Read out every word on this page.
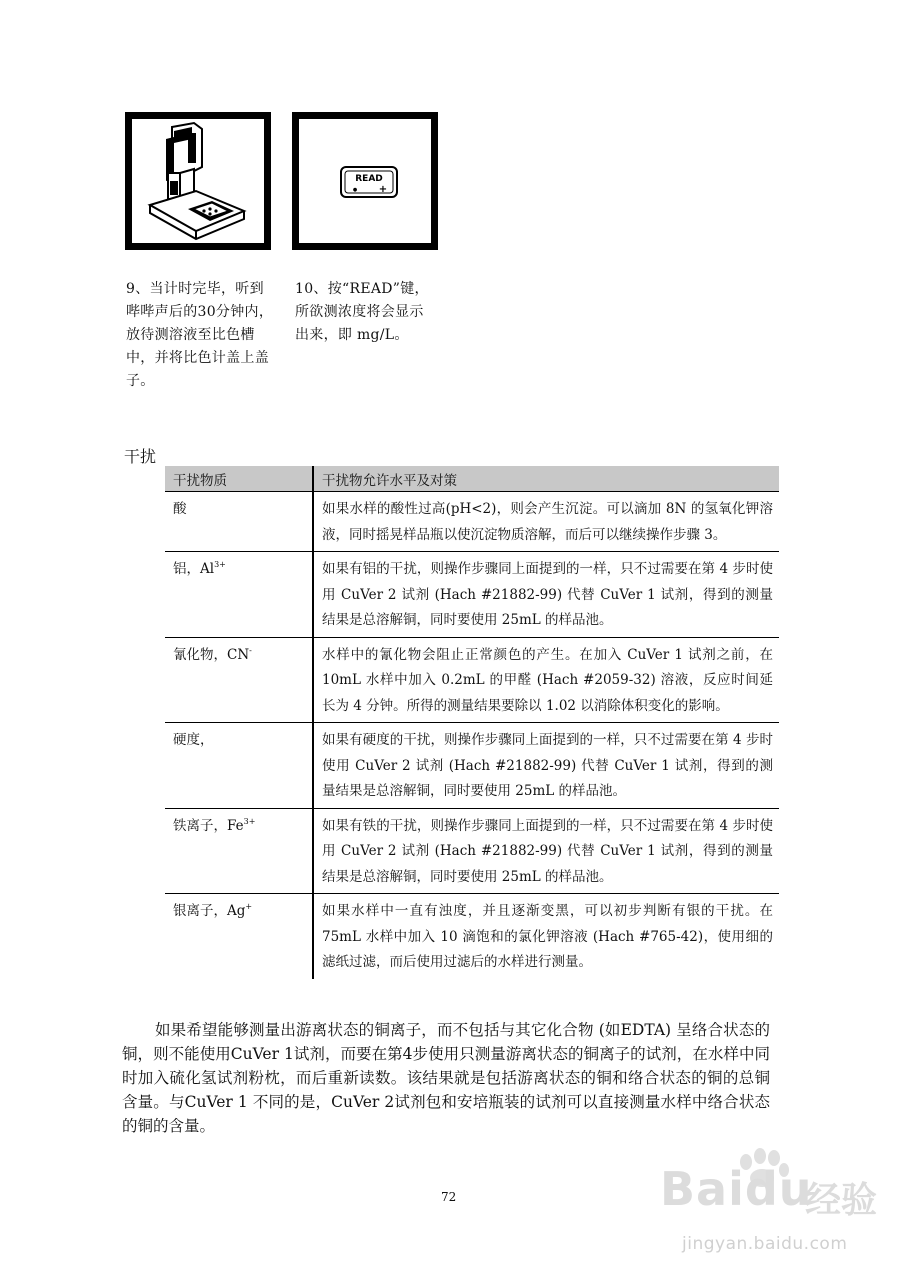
READ
● +
9、当计时完毕，听到
哔哔声后的30分钟内，
放待测溶液至比色槽
中，并将比色计盖上盖
子。
10、按“READ”键，
所欲测浓度将会显示
出来，即 mg/L。
干扰
干扰物质	干扰物允许水平及对策
酸	如果水样的酸性过高(pH<2)，则会产生沉淀。可以滴加 8N 的氢氧化钾溶液，同时摇晃样品瓶以使沉淀物质溶解，而后可以继续操作步骤 3。
铝，$Al^{3+}$	如果有铝的干扰，则操作步骤同上面提到的一样，只不过需要在第 4 步时使用 CuVer 2 试剂 (Hach #21882-99) 代替 CuVer 1 试剂，得到的测量结果是总溶解铜，同时要使用 25mL 的样品池。
氰化物，CN-	水样中的氰化物会阻止正常颜色的产生。在加入 CuVer 1 试剂之前，在 10mL 水样中加入 0.2mL 的甲醛 (Hach #2059-32) 溶液，反应时间延长为 4 分钟。所得的测量结果要除以 1.02 以消除体积变化的影响。
硬度，	如果有硬度的干扰，则操作步骤同上面提到的一样，只不过需要在第 4 步时使用 CuVer 2 试剂 (Hach #21882-99) 代替 CuVer 1 试剂，得到的测量结果是总溶解铜，同时要使用 25mL 的样品池。
铁离子，$Fe^{3+}$	如果有铁的干扰，则操作步骤同上面提到的一样，只不过需要在第 4 步时使用 CuVer 2 试剂 (Hach #21882-99) 代替 CuVer 1 试剂，得到的测量结果是总溶解铜，同时要使用 25mL 的样品池。
银离子，Ag+	如果水样中一直有浊度，并且逐渐变黑，可以初步判断有银的干扰。在 75mL 水样中加入 10 滴饱和的氯化钾溶液 (Hach #765-42)，使用细的滤纸过滤，而后使用过滤后的水样进行测量。
如果希望能够测量出游离状态的铜离子，而不包括与其它化合物 (如EDTA) 呈络合状态的铜，则不能使用CuVer 1试剂，而要在第4步使用只测量游离状态的铜离子的试剂，在水样中同时加入硫化氢试剂粉枕，而后重新读数。该结果就是包括游离状态的铜和络合状态的铜的总铜含量。与CuVer 1 不同的是，CuVer 2试剂包和安培瓶装的试剂可以直接测量水样中络合状态的铜的含量。
72	Baidu
经验
jingyan.baidu.com
